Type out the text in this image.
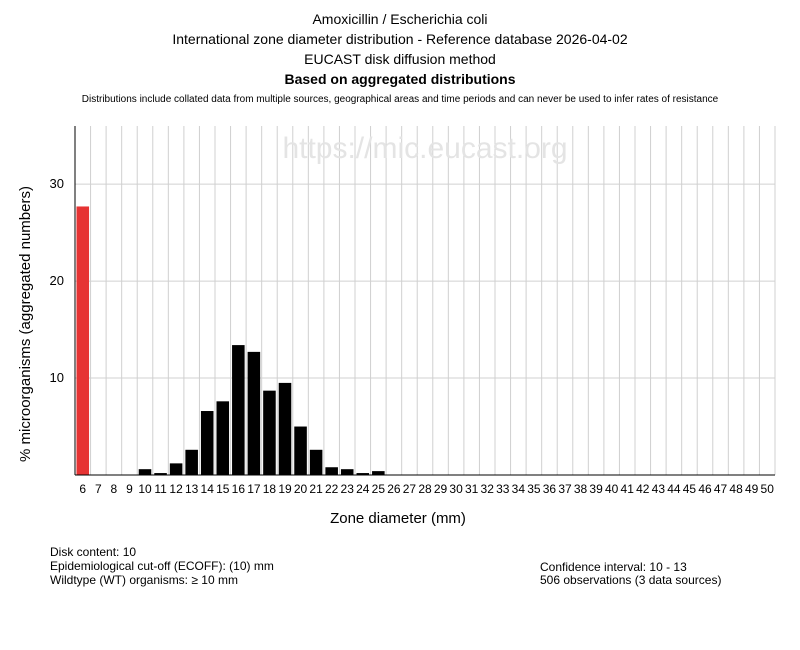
Amoxicillin / Escherichia coli
International zone diameter distribution - Reference database 2026-04-02
EUCAST disk diffusion method
Based on aggregated distributions
Distributions include collated data from multiple sources, geographical areas and time periods and can never be used to infer rates of resistance
https://mic.eucast.org
6 7 8 9 10 11 12 13 14 15 16 17 18 19 20 21 22 23 24 25 26 27 28 29 30 31 32 33 34 35 36 37 38 39 40 41 42 43 44 45 46 47 48 49 50
10
20
30
Zone diameter (mm)
% microorganisms (aggregated numbers)
Disk content: 10
Epidemiological cut-off (ECOFF): (10) mm
Wildtype (WT) organisms: ≥ 10 mm
Confidence interval: 10 - 13
506 observations (3 data sources)
